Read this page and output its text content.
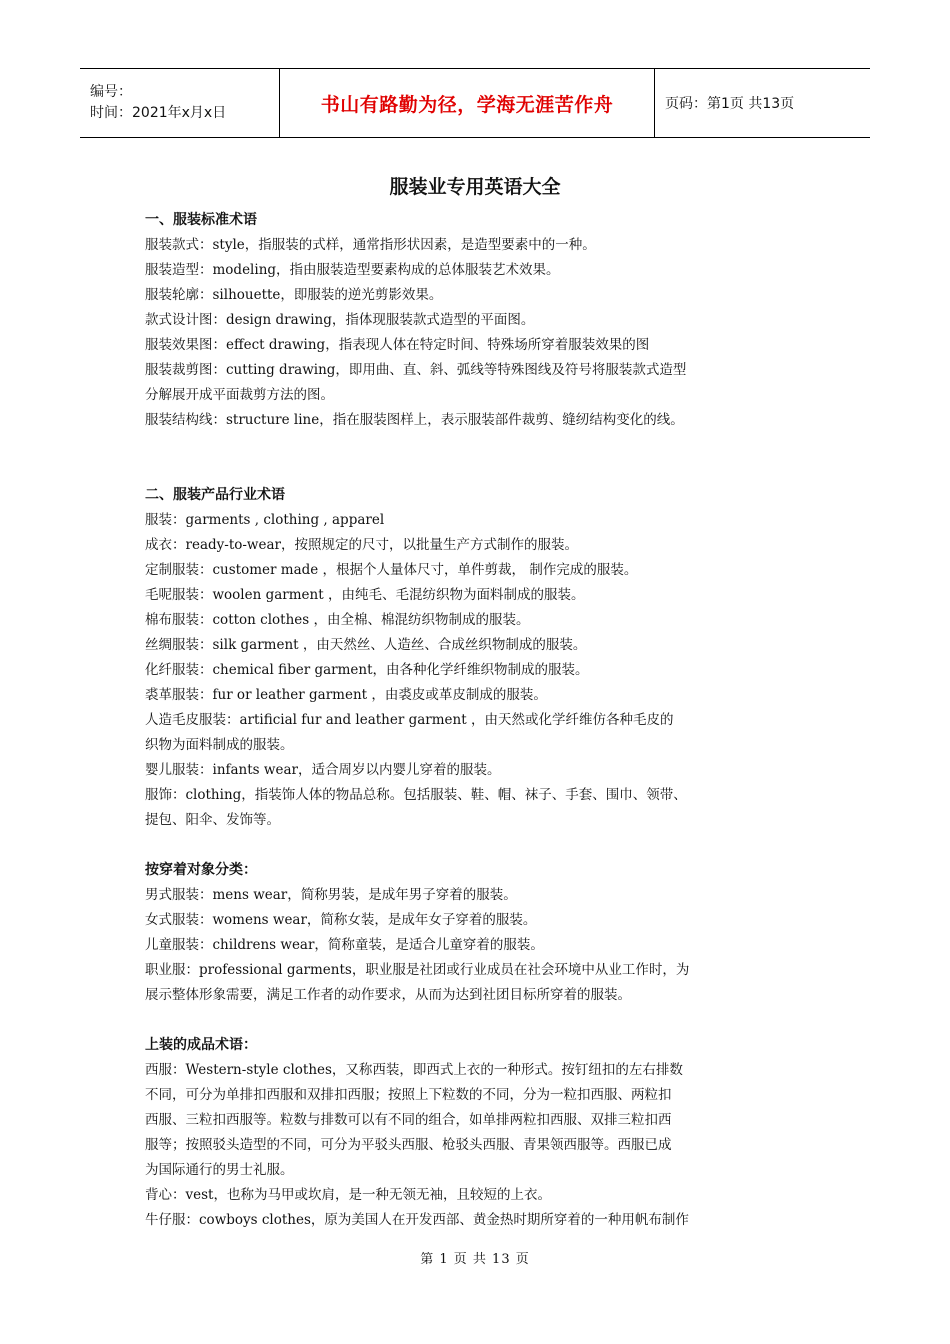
编号：
时间：2021年x月x日	书山有路勤为径，学海无涯苦作舟	页码：第1页 共13页
服装业专用英语大全
一、服装标准术语
服装款式：style，指服装的式样，通常指形状因素，是造型要素中的一种。
服装造型：modeling，指由服装造型要素构成的总体服装艺术效果。
服装轮廓：silhouette，即服装的逆光剪影效果。
款式设计图：design drawing，指体现服装款式造型的平面图。
服装效果图：effect drawing，指表现人体在特定时间、特殊场所穿着服装效果的图
服装裁剪图：cutting drawing，即用曲、直、斜、弧线等特殊图线及符号将服装款式造型
分解展开成平面裁剪方法的图。
服装结构线：structure line，指在服装图样上，表示服装部件裁剪、缝纫结构变化的线。
二、服装产品行业术语
服装：garments , clothing , apparel
成衣：ready-to-wear，按照规定的尺寸，以批量生产方式制作的服装。
定制服装：customer made ，根据个人量体尺寸，单件剪裁， 制作完成的服装。
毛呢服装：woolen garment ，由纯毛、毛混纺织物为面料制成的服装。
棉布服装：cotton clothes ，由全棉、棉混纺织物制成的服装。
丝绸服装：silk garment ，由天然丝、人造丝、合成丝织物制成的服装。
化纤服装：chemical fiber garment，由各种化学纤维织物制成的服装。
裘革服装：fur or leather garment ，由裘皮或革皮制成的服装。
人造毛皮服装：artificial fur and leather garment ，由天然或化学纤维仿各种毛皮的
织物为面料制成的服装。
婴儿服装：infants wear，适合周岁以内婴儿穿着的服装。
服饰：clothing，指装饰人体的物品总称。包括服装、鞋、帽、袜子、手套、围巾、领带、
提包、阳伞、发饰等。
按穿着对象分类：
男式服装：mens wear，简称男装，是成年男子穿着的服装。
女式服装：womens wear，简称女装，是成年女子穿着的服装。
儿童服装：childrens wear，简称童装，是适合儿童穿着的服装。
职业服：professional garments，职业服是社团或行业成员在社会环境中从业工作时，为
展示整体形象需要，满足工作者的动作要求，从而为达到社团目标所穿着的服装。
上装的成品术语：
西服：Western-style clothes，又称西装，即西式上衣的一种形式。按钉纽扣的左右排数
不同，可分为单排扣西服和双排扣西服；按照上下粒数的不同，分为一粒扣西服、两粒扣
西服、三粒扣西服等。粒数与排数可以有不同的组合，如单排两粒扣西服、双排三粒扣西
服等；按照驳头造型的不同，可分为平驳头西服、枪驳头西服、青果领西服等。西服已成
为国际通行的男士礼服。
背心：vest，也称为马甲或坎肩，是一种无领无袖，且较短的上衣。
牛仔服：cowboys clothes，原为美国人在开发西部、黄金热时期所穿着的一种用帆布制作
第 1 页 共 13 页
